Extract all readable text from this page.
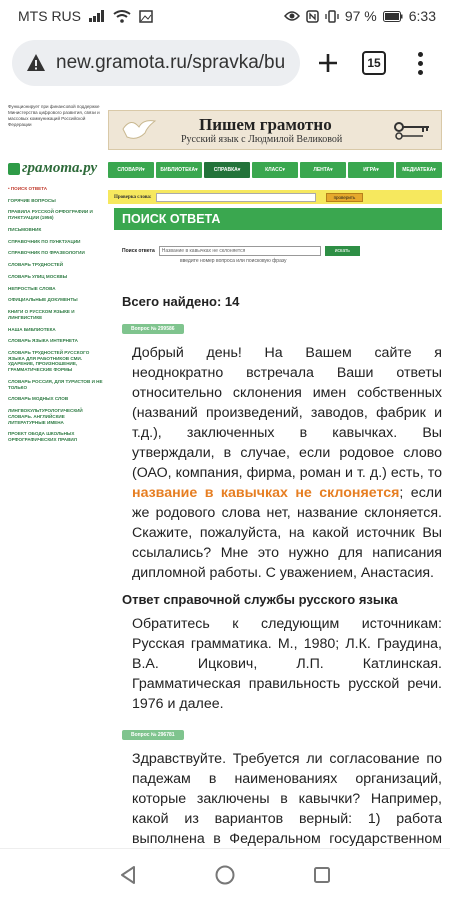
MTS RUS	97 % 6:33
new.gramota.ru/spravka/bu	15
Функционирует при финансовой поддержке Министерства цифрового развития, связи и массовых коммуникаций Российской Федерации	Пишем грамотно
Русский язык с Людмилой Великовой
грамота.ру	СЛОВАРИ▾	БИБЛИОТЕКА▾	СПРАВКА▾	КЛАСС▾	ЛЕНТА▾	ИГРА▾	МЕДИАТЕКА▾
• ПОИСК ОТВЕТА
ГОРЯЧИЕ ВОПРОСЫ
ПРАВИЛА РУССКОЙ ОРФОГРАФИИ И ПУНКТУАЦИИ (1956)
ПИСЬМОВНИК
СПРАВОЧНИК ПО ПУНКТУАЦИИ
СПРАВОЧНИК ПО ФРАЗЕОЛОГИИ
СЛОВАРЬ ТРУДНОСТЕЙ
СЛОВАРЬ УЛИЦ МОСКВЫ
НЕПРОСТЫЕ СЛОВА
ОФИЦИАЛЬНЫЕ ДОКУМЕНТЫ
КНИГИ О РУССКОМ ЯЗЫКЕ И ЛИНГВИСТИКЕ
НАША БИБЛИОТЕКА
СЛОВАРЬ ЯЗЫКА ИНТЕРНЕТА
СЛОВАРЬ ТРУДНОСТЕЙ РУССКОГО ЯЗЫКА ДЛЯ РАБОТНИКОВ СМИ. УДАРЕНИЕ, ПРОИЗНОШЕНИЕ, ГРАММАТИЧЕСКИЕ ФОРМЫ
СЛОВАРЬ РОССИЯ, ДЛЯ ТУРИСТОВ И НЕ ТОЛЬКО
СЛОВАРЬ МОДНЫХ СЛОВ
ЛИНГВОКУЛЬТУРОЛОГИЧЕСКИЙ СЛОВАРЬ. АНГЛИЙСКИЕ ЛИТЕРАТУРНЫЕ ИМЕНА
ПРОЕКТ ОБОДА ШКОЛЬНЫХ ОРФОГРАФИЧЕСКИХ ПРАВИЛ
Проверка слова:	проверить
ПОИСК ОТВЕТА
Поиск ответа	Название в кавычках не склоняется	искать
введите номер вопроса или поисковую фразу
Всего найдено: 14
Вопрос № 299586
Добрый день! На Вашем сайте я неоднократно встречала Ваши ответы относительно склонения имен собственных (названий произведений, заводов, фабрик и т.д.), заключенных в кавычках. Вы утверждали, в случае, если родовое слово (ОАО, компания, фирма, роман и т. д.) есть, то название в кавычках не склоняется; если же родового слова нет, название склоняется. Скажите, пожалуйста, на какой источник Вы ссылались? Мне это нужно для написания дипломной работы. С уважением, Анастасия.
Ответ справочной службы русского языка
Обратитесь к следующим источникам: Русская грамматика. М., 1980; Л.К. Граудина, В.А. Ицкович, Л.П. Катлинская. Грамматическая правильность русской речи. 1976 и далее.
Вопрос № 296781
Здравствуйте. Требуется ли согласование по падежам в наименованиях организаций, которые заключены в кавычки? Например, какой из вариантов верный: 1) работа выполнена в Федеральном государственном
